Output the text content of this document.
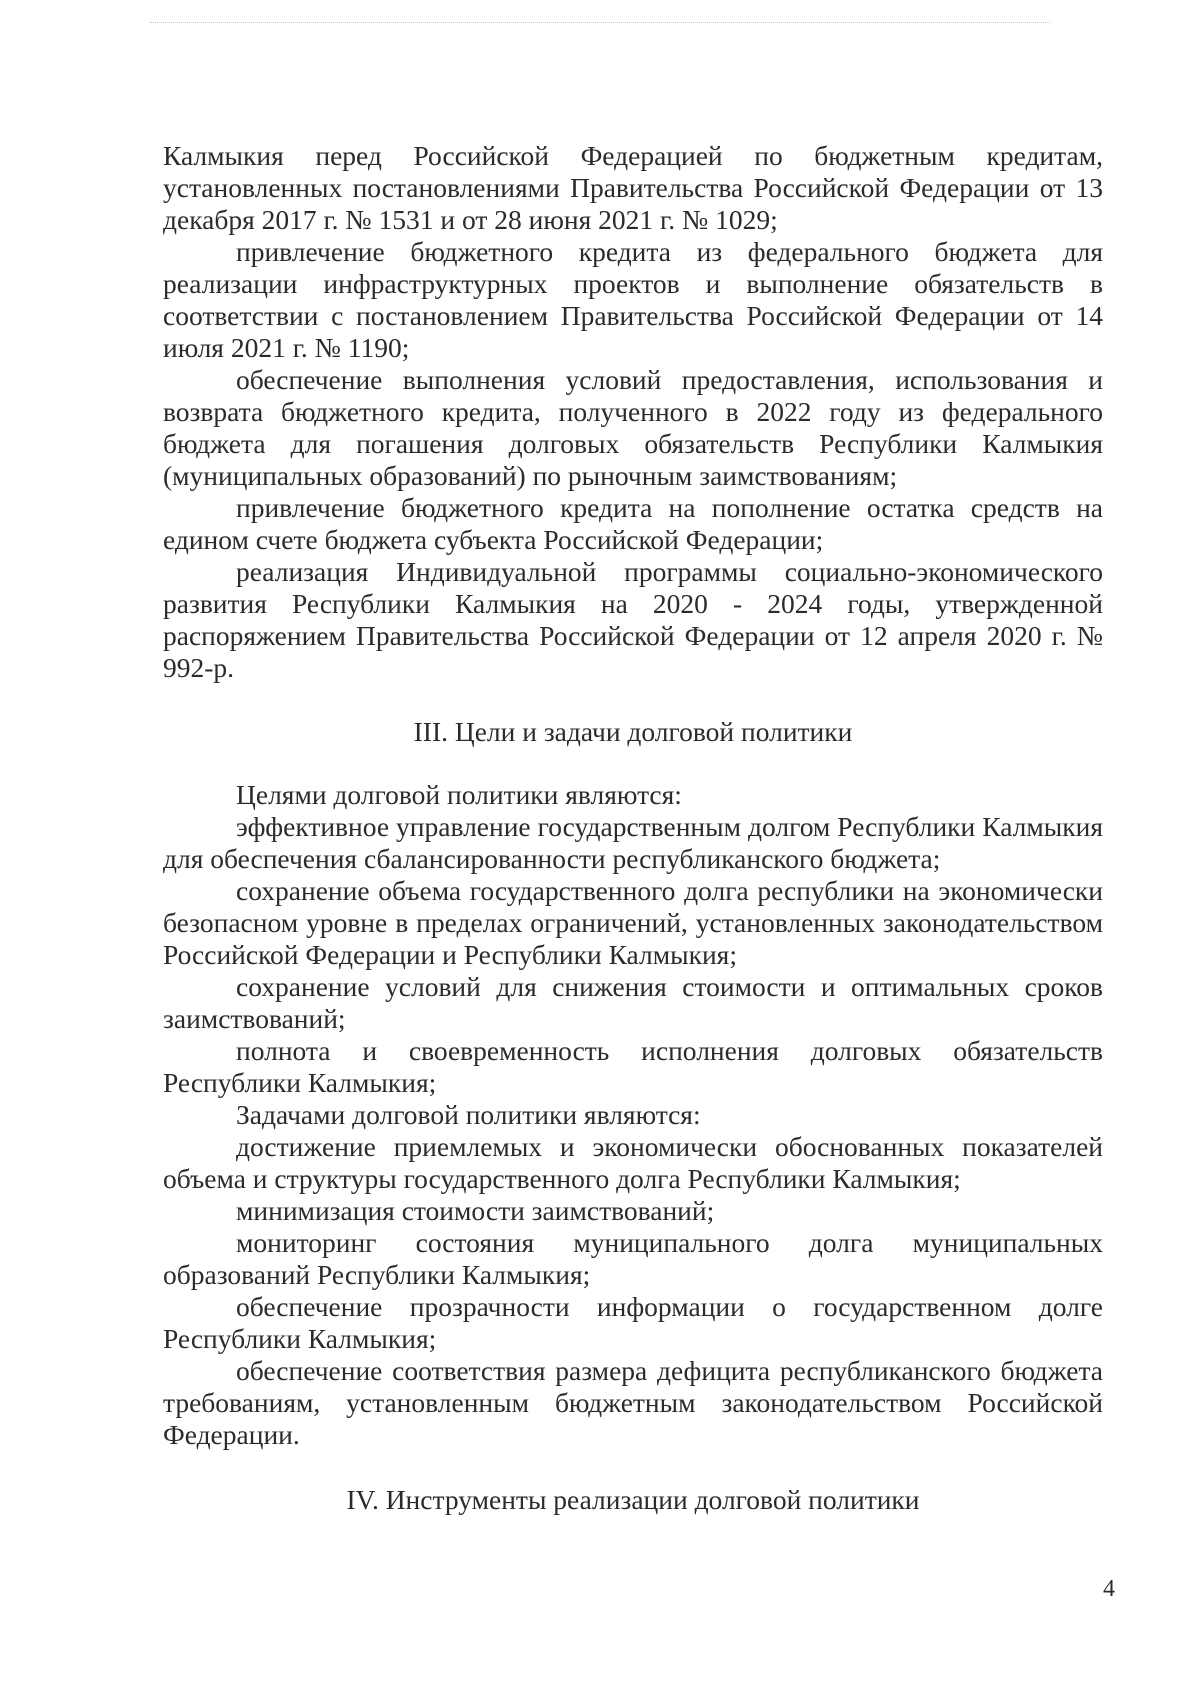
Калмыкия перед Российской Федерацией по бюджетным кредитам, установленных постановлениями Правительства Российской Федерации от 13 декабря 2017 г. № 1531 и от 28 июня 2021 г. № 1029;

привлечение бюджетного кредита из федерального бюджета для реализации инфраструктурных проектов и выполнение обязательств в соответствии с постановлением Правительства Российской Федерации от 14 июля 2021 г. № 1190;

обеспечение выполнения условий предоставления, использования и возврата бюджетного кредита, полученного в 2022 году из федерального бюджета для погашения долговых обязательств Республики Калмыкия (муниципальных образований) по рыночным заимствованиям;

привлечение бюджетного кредита на пополнение остатка средств на едином счете бюджета субъекта Российской Федерации;

реализация Индивидуальной программы социально-экономического развития Республики Калмыкия на 2020 - 2024 годы, утвержденной распоряжением Правительства Российской Федерации от 12 апреля 2020 г. № 992-р.

III. Цели и задачи долговой политики

Целями долговой политики являются:

эффективное управление государственным долгом Республики Калмыкия для обеспечения сбалансированности республиканского бюджета;

сохранение объема государственного долга республики на экономически безопасном уровне в пределах ограничений, установленных законодательством Российской Федерации и Республики Калмыкия;

сохранение условий для снижения стоимости и оптимальных сроков заимствований;

полнота и своевременность исполнения долговых обязательств Республики Калмыкия;

Задачами долговой политики являются:

достижение приемлемых и экономически обоснованных показателей объема и структуры государственного долга Республики Калмыкия;

минимизация стоимости заимствований;

мониторинг состояния муниципального долга муниципальных образований Республики Калмыкия;

обеспечение прозрачности информации о государственном долге Республики Калмыкия;

обеспечение соответствия размера дефицита республиканского бюджета требованиям, установленным бюджетным законодательством Российской Федерации.

IV. Инструменты реализации долговой политики
4
